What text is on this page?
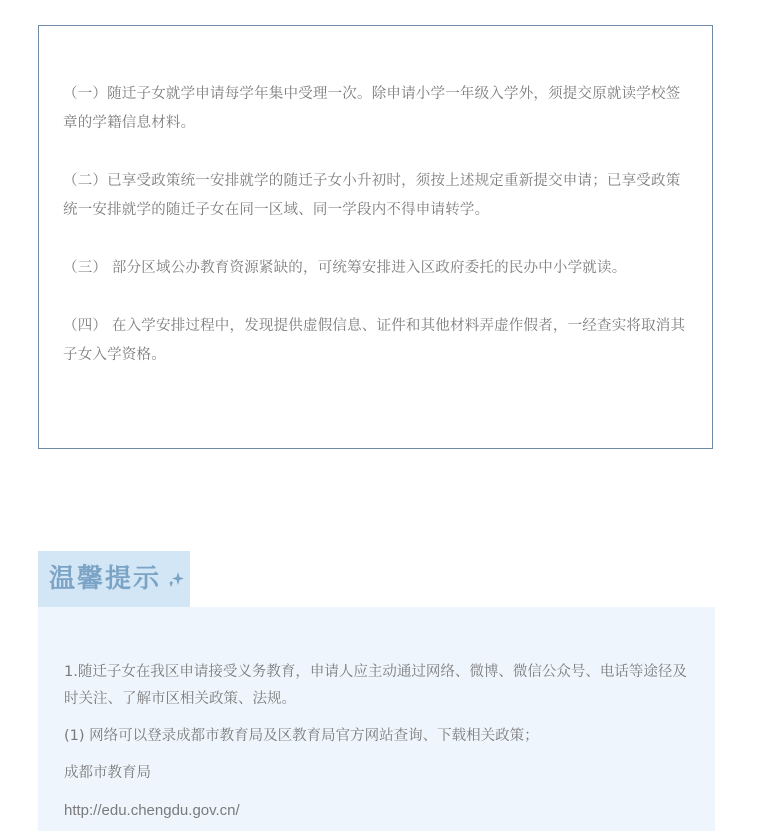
（一）随迁子女就学申请每学年集中受理一次。除申请小学一年级入学外，须提交原就读学校签章的学籍信息材料。

（二）已享受政策统一安排就学的随迁子女小升初时，须按上述规定重新提交申请；已享受政策统一安排就学的随迁子女在同一区域、同一学段内不得申请转学。

（三） 部分区域公办教育资源紧缺的，可统筹安排进入区政府委托的民办中小学就读。

（四） 在入学安排过程中，发现提供虚假信息、证件和其他材料弄虚作假者，一经查实将取消其子女入学资格。

温馨提示

1.随迁子女在我区申请接受义务教育，申请人应主动通过网络、微博、微信公众号、电话等途径及时关注、了解市区相关政策、法规。

(1) 网络可以登录成都市教育局及区教育局官方网站查询、下载相关政策；

成都市教育局

http://edu.chengdu.gov.cn/
